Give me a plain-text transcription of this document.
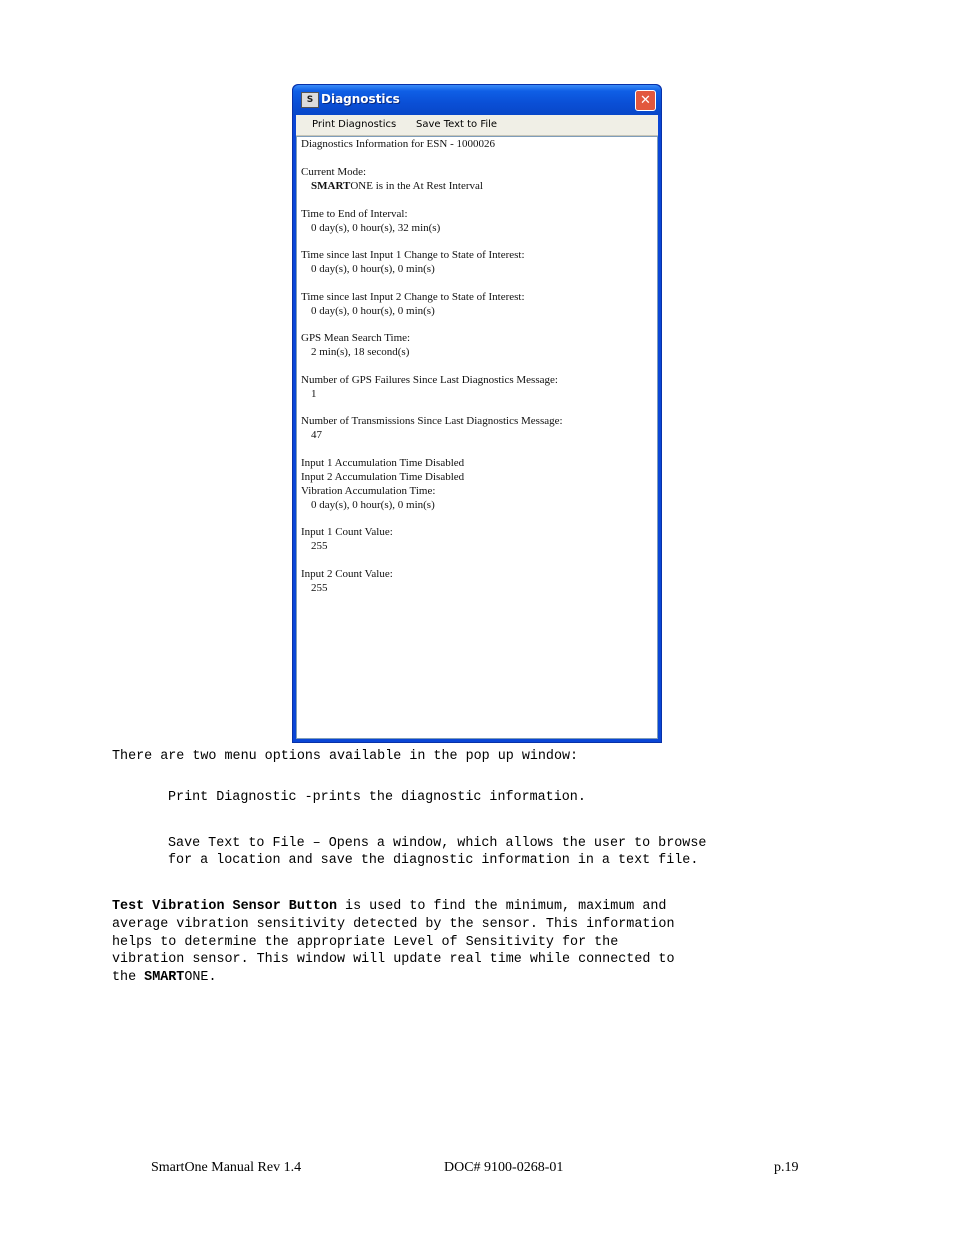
S Diagnostics	✕
Print Diagnostics Save Text to File
Diagnostics Information for ESN - 1000026
Current Mode:
SMARTONE is in the At Rest Interval
Time to End of Interval:
0 day(s), 0 hour(s), 32 min(s)
Time since last Input 1 Change to State of Interest:
0 day(s), 0 hour(s), 0 min(s)
Time since last Input 2 Change to State of Interest:
0 day(s), 0 hour(s), 0 min(s)
GPS Mean Search Time:
2 min(s), 18 second(s)
Number of GPS Failures Since Last Diagnostics Message:
1
Number of Transmissions Since Last Diagnostics Message:
47
Input 1 Accumulation Time Disabled
Input 2 Accumulation Time Disabled
Vibration Accumulation Time:
0 day(s), 0 hour(s), 0 min(s)
Input 1 Count Value:
255
Input 2 Count Value:
255
There are two menu options available in the pop up window:
Print Diagnostic -prints the diagnostic information.
Save Text to File – Opens a window, which allows the user to browse
for a location and save the diagnostic information in a text file.
Test Vibration Sensor Button is used to find the minimum, maximum and
average vibration sensitivity detected by the sensor. This information
helps to determine the appropriate Level of Sensitivity for the
vibration sensor. This window will update real time while connected to
the SMARTONE.
SmartOne Manual Rev 1.4	DOC# 9100-0268-01	p.19
